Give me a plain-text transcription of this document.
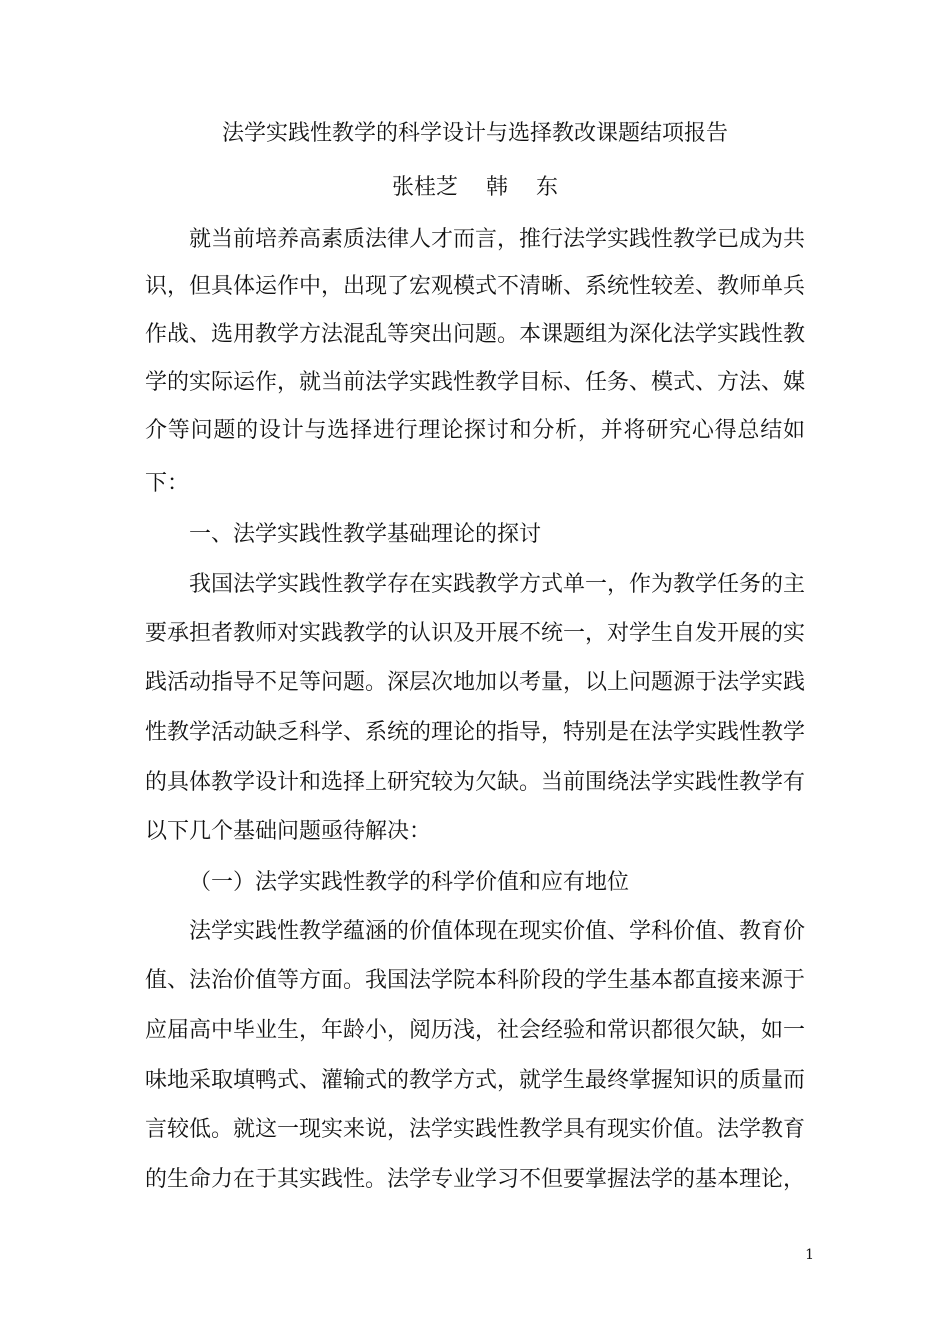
法学实践性教学的科学设计与选择教改课题结项报告
张桂芝    韩    东
就当前培养高素质法律人才而言，推行法学实践性教学已成为共
识，但具体运作中，出现了宏观模式不清晰、系统性较差、教师单兵
作战、选用教学方法混乱等突出问题。本课题组为深化法学实践性教
学的实际运作，就当前法学实践性教学目标、任务、模式、方法、媒
介等问题的设计与选择进行理论探讨和分析，并将研究心得总结如
下：
一、法学实践性教学基础理论的探讨
我国法学实践性教学存在实践教学方式单一，作为教学任务的主
要承担者教师对实践教学的认识及开展不统一，对学生自发开展的实
践活动指导不足等问题。深层次地加以考量，以上问题源于法学实践
性教学活动缺乏科学、系统的理论的指导，特别是在法学实践性教学
的具体教学设计和选择上研究较为欠缺。当前围绕法学实践性教学有
以下几个基础问题亟待解决：
（一）法学实践性教学的科学价值和应有地位
法学实践性教学蕴涵的价值体现在现实价值、学科价值、教育价
值、法治价值等方面。我国法学院本科阶段的学生基本都直接来源于
应届高中毕业生，年龄小，阅历浅，社会经验和常识都很欠缺，如一
味地采取填鸭式、灌输式的教学方式，就学生最终掌握知识的质量而
言较低。就这一现实来说，法学实践性教学具有现实价值。法学教育
的生命力在于其实践性。法学专业学习不但要掌握法学的基本理论，
1
